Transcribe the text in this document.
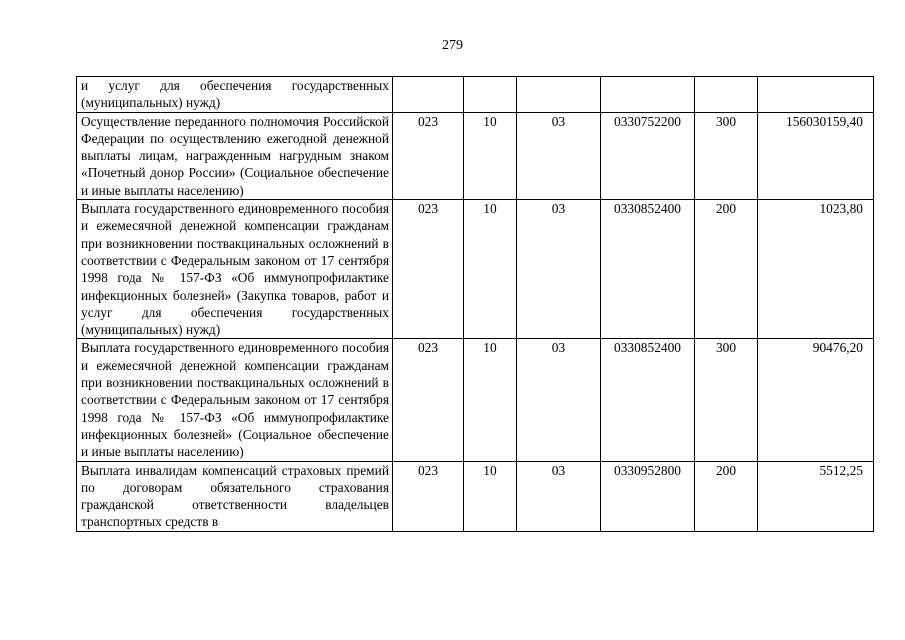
279
и услуг для обеспечения государственных (муниципальных) нужд)						
Осуществление переданного полномочия Российской Федерации по осуществлению ежегодной денежной выплаты лицам, награжденным нагрудным знаком «Почетный донор России» (Социальное обеспечение и иные выплаты населению)	023	10	03	0330752200	300	156030159,40
Выплата государственного единовременного пособия и ежемесячной денежной компенсации гражданам при возникновении поствакцинальных осложнений в соответствии с Федеральным законом от 17 сентября 1998 года № 157-ФЗ «Об иммунопрофилактике инфекционных болезней» (Закупка товаров, работ и услуг для обеспечения государственных (муниципальных) нужд)	023	10	03	0330852400	200	1023,80
Выплата государственного единовременного пособия и ежемесячной денежной компенсации гражданам при возникновении поствакцинальных осложнений в соответствии с Федеральным законом от 17 сентября 1998 года № 157-ФЗ «Об иммунопрофилактике инфекционных болезней» (Социальное обеспечение и иные выплаты населению)	023	10	03	0330852400	300	90476,20
Выплата инвалидам компенсаций страховых премий по договорам обязательного страхования гражданской ответственности владельцев транспортных средств в	023	10	03	0330952800	200	5512,25
